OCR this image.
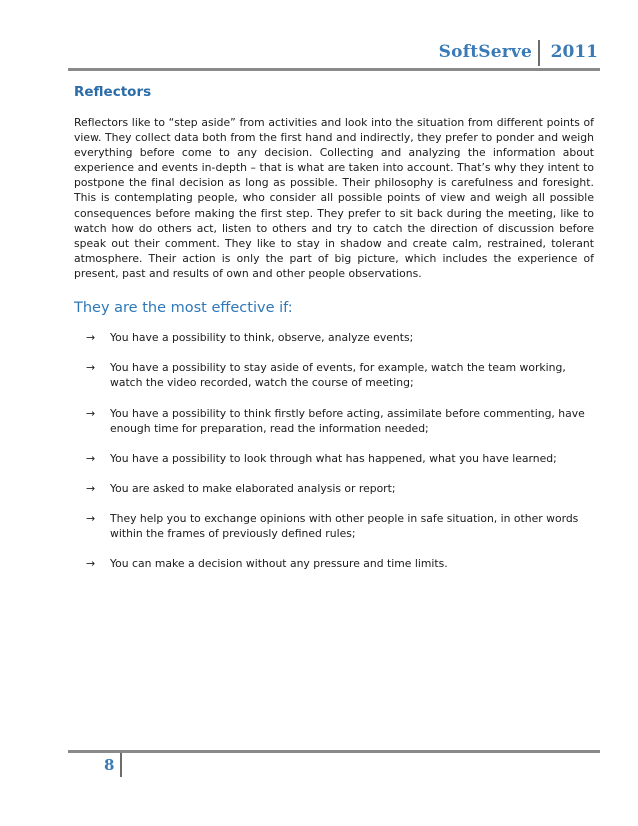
SoftServe 2011
Reflectors

Reflectors like to “step aside” from activities and look into the situation from different points of view. They collect data both from the first hand and indirectly, they prefer to ponder and weigh everything before come to any decision. Collecting and analyzing the information about experience and events in-depth – that is what are taken into account. That’s why they intent to postpone the final decision as long as possible. Their philosophy is carefulness and foresight. This is contemplating people, who consider all possible points of view and weigh all possible consequences before making the first step. They prefer to sit back during the meeting, like to watch how do others act, listen to others and try to catch the direction of discussion before speak out their comment. They like to stay in shadow and create calm, restrained, tolerant atmosphere. Their action is only the part of big picture, which includes the experience of present, past and results of own and other people observations.

They are the most effective if:
→ You have a possibility to think, observe, analyze events;
→ You have a possibility to stay aside of events, for example, watch the team working, watch the video recorded, watch the course of meeting;
→ You have a possibility to think firstly before acting, assimilate before commenting, have enough time for preparation, read the information needed;
→ You have a possibility to look through what has happened, what you have learned;
→ You are asked to make elaborated analysis or report;
→ They help you to exchange opinions with other people in safe situation, in other words within the frames of previously defined rules;
→ You can make a decision without any pressure and time limits.
8
